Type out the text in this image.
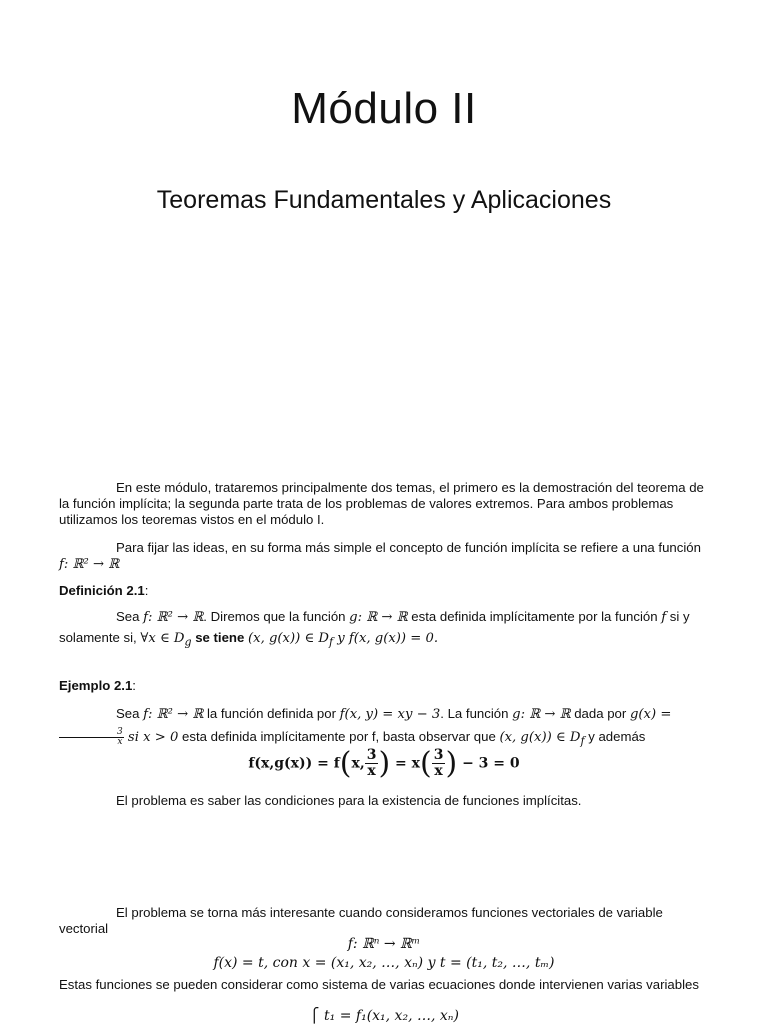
Módulo II
Teoremas Fundamentales y Aplicaciones
En este módulo, trataremos principalmente dos temas, el primero es la demostración del teorema de la función implícita; la segunda parte trata de los problemas de valores extremos. Para ambos problemas utilizamos los teoremas vistos en el módulo I.
Para fijar las ideas, en su forma más simple el concepto de función implícita se refiere a una función f: ℝ² → ℝ
Definición 2.1:
Sea f: ℝ² → ℝ. Diremos que la función g: ℝ → ℝ esta definida implícitamente por la función f si y solamente si, ∀x ∈ $D_g$ se tiene (x, g(x)) ∈ $D_f$ y f(x, g(x)) = 0.
Ejemplo 2.1:
Sea f: ℝ² → ℝ la función definida por f(x, y) = xy − 3. La función g: ℝ → ℝ dada por g(x) =
$\frac{3}{x}$ si x > 0 esta definida implícitamente por f, basta observar que (x, g(x)) ∈ $D_f$ y además
f(x,g(x)) = f(x, $\frac{3}{x}) = x( \frac{3}{x}) - 3 = 0$
El problema es saber las condiciones para la existencia de funciones implícitas.
El problema se torna más interesante cuando consideramos funciones vectoriales de variable vectorial
f: ℝⁿ → ℝᵐ
f(x) = t, con x = (x₁, x₂, …, xₙ) y t = (t₁, t₂, …, tₘ)
Estas funciones se pueden considerar como sistema de varias ecuaciones donde intervienen varias variables
⎧ t₁ = f₁(x₁, x₂, …, xₙ)
